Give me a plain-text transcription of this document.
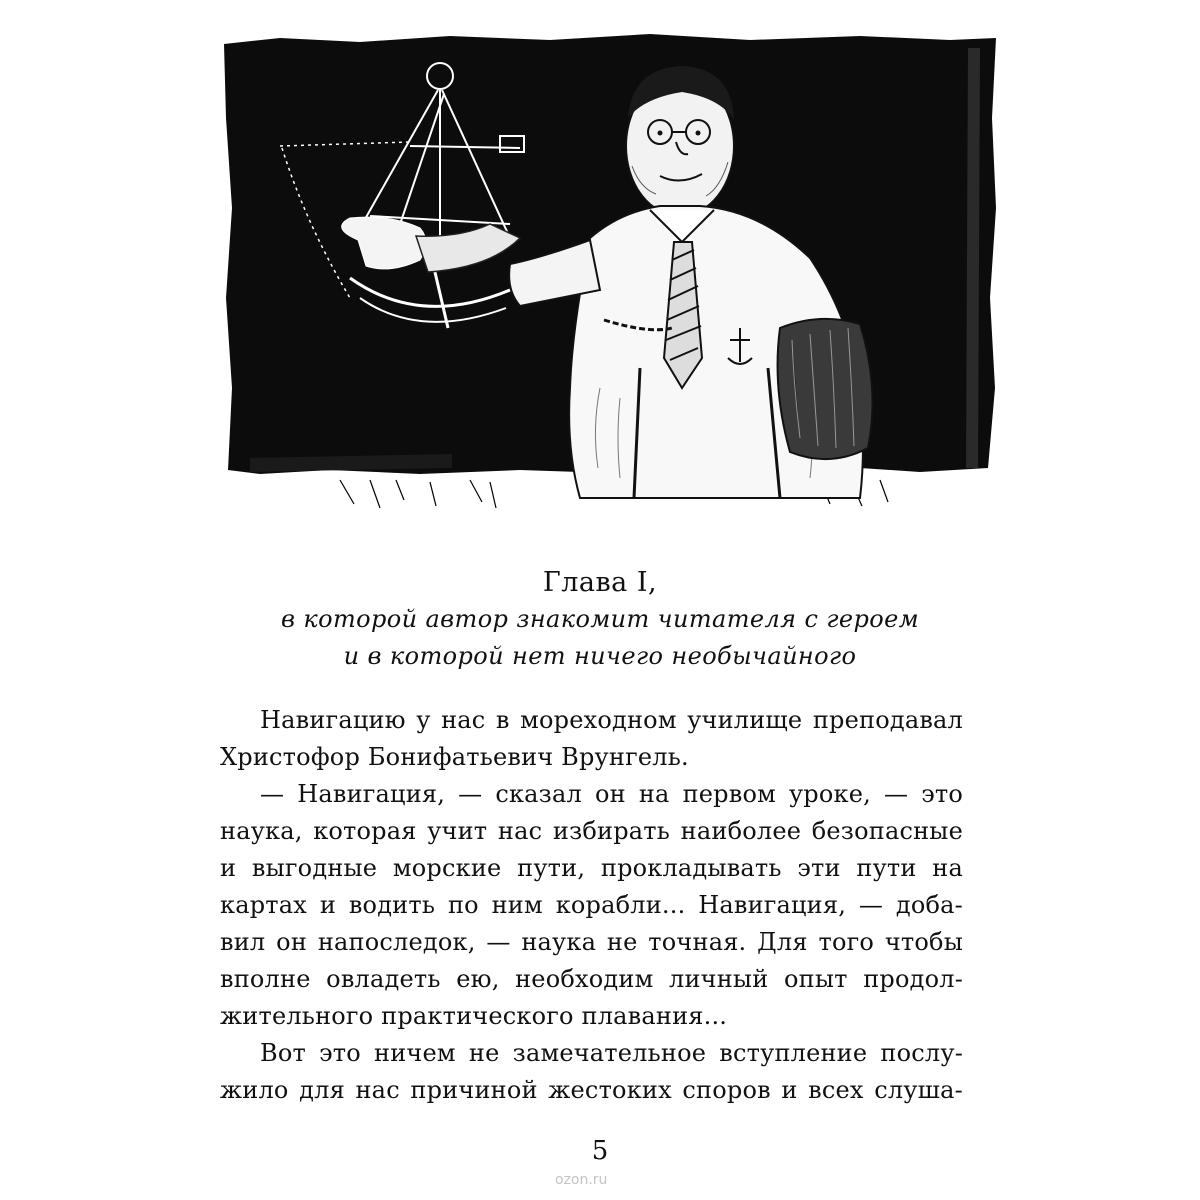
Глава I,
в которой автор знакомит читателя с героем
и в которой нет ничего необычайного
Навигацию у нас в мореходном училище преподавал
Христофор Бонифатьевич Врунгель.
— Навигация, — сказал он на первом уроке, — это
наука, которая учит нас избирать наиболее безопасные
и выгодные морские пути, прокладывать эти пути на
картах и водить по ним корабли... Навигация, — доба-
вил он напоследок, — наука не точная. Для того чтобы
вполне овладеть ею, необходим личный опыт продол-
жительного практического плавания...
Вот это ничем не замечательное вступление послу-
жило для нас причиной жестоких споров и всех слуша-
5
ozon.ru
